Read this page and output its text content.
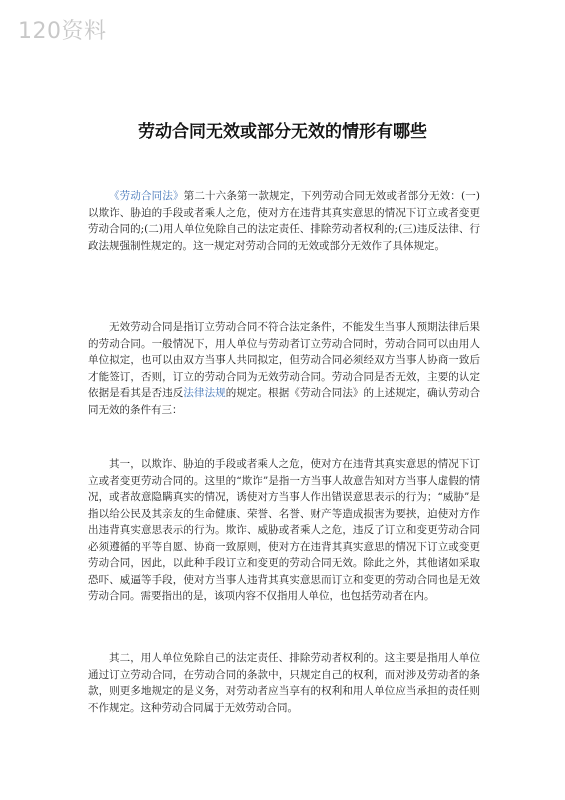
120资料
劳动合同无效或部分无效的情形有哪些

《劳动合同法》第二十六条第一款规定，下列劳动合同无效或者部分无效：(一)以欺诈、胁迫的手段或者乘人之危，使对方在违背其真实意思的情况下订立或者变更劳动合同的;(二)用人单位免除自己的法定责任、排除劳动者权利的;(三)违反法律、行政法规强制性规定的。这一规定对劳动合同的无效或部分无效作了具体规定。

无效劳动合同是指订立劳动合同不符合法定条件，不能发生当事人预期法律后果的劳动合同。一般情况下，用人单位与劳动者订立劳动合同时，劳动合同可以由用人单位拟定，也可以由双方当事人共同拟定，但劳动合同必须经双方当事人协商一致后才能签订，否则，订立的劳动合同为无效劳动合同。劳动合同是否无效，主要的认定依据是看其是否违反法律法规的规定。根据《劳动合同法》的上述规定，确认劳动合同无效的条件有三：

其一，以欺诈、胁迫的手段或者乘人之危，使对方在违背其真实意思的情况下订立或者变更劳动合同的。这里的“欺诈”是指一方当事人故意告知对方当事人虚假的情况，或者故意隐瞒真实的情况，诱使对方当事人作出错误意思表示的行为；“威胁”是指以给公民及其亲友的生命健康、荣誉、名誉、财产等造成损害为要挟，迫使对方作出违背真实意思表示的行为。欺诈、威胁或者乘人之危，违反了订立和变更劳动合同必须遵循的平等自愿、协商一致原则，使对方在违背其真实意思的情况下订立或变更劳动合同，因此，以此种手段订立和变更的劳动合同无效。除此之外，其他诸如采取恐吓、威逼等手段，使对方当事人违背其真实意思而订立和变更的劳动合同也是无效劳动合同。需要指出的是，该项内容不仅指用人单位，也包括劳动者在内。

其二，用人单位免除自己的法定责任、排除劳动者权利的。这主要是指用人单位通过订立劳动合同，在劳动合同的条款中，只规定自己的权利，而对涉及劳动者的条款，则更多地规定的是义务，对劳动者应当享有的权利和用人单位应当承担的责任则不作规定。这种劳动合同属于无效劳动合同。
